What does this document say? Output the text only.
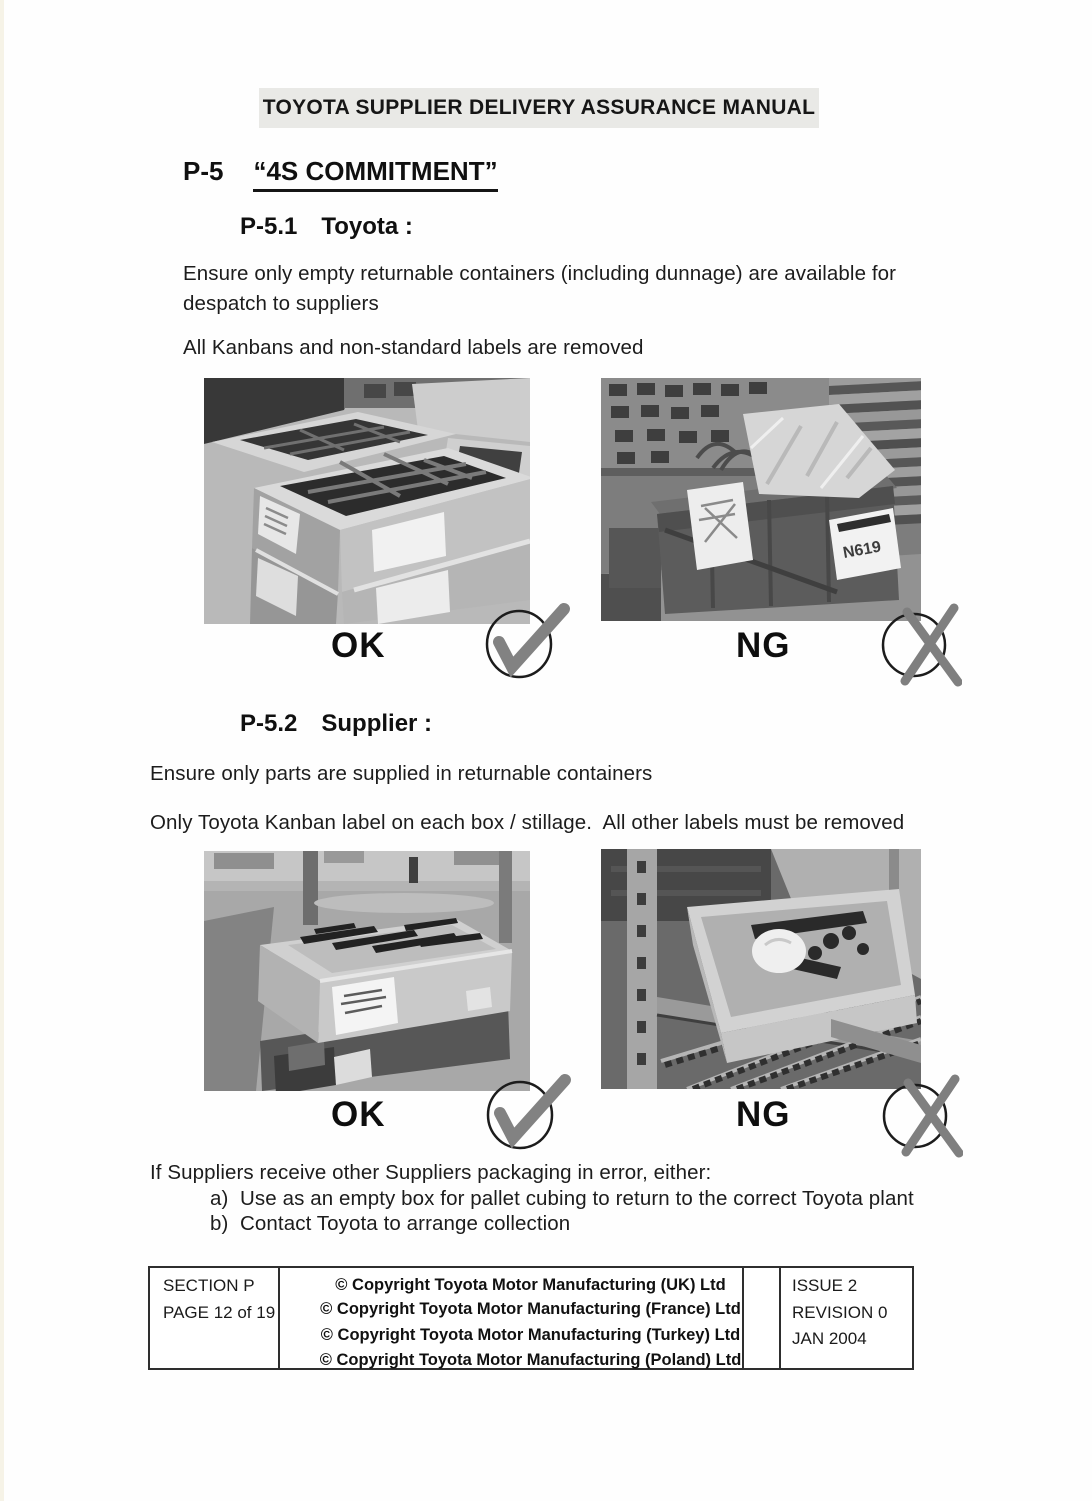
TOYOTA SUPPLIER DELIVERY ASSURANCE MANUAL
P-5 “4S COMMITMENT”
P-5.1 Toyota :
Ensure only empty returnable containers (including dunnage) are available for despatch to suppliers
All Kanbans and non-standard labels are removed
N619
OK	NG
P-5.2 Supplier :
Ensure only parts are supplied in returnable containers
Only Toyota Kanban label on each box / stillage.  All other labels must be removed
OK	NG
If Suppliers receive other Suppliers packaging in error, either:
a)  Use as an empty box for pallet cubing to return to the correct Toyota plant
b)  Contact Toyota to arrange collection
SECTION P
PAGE 12 of 19
© Copyright Toyota Motor Manufacturing (UK) Ltd
© Copyright Toyota Motor Manufacturing (France) Ltd
© Copyright Toyota Motor Manufacturing (Turkey) Ltd
© Copyright Toyota Motor Manufacturing (Poland) Ltd
ISSUE 2
REVISION 0
JAN 2004
